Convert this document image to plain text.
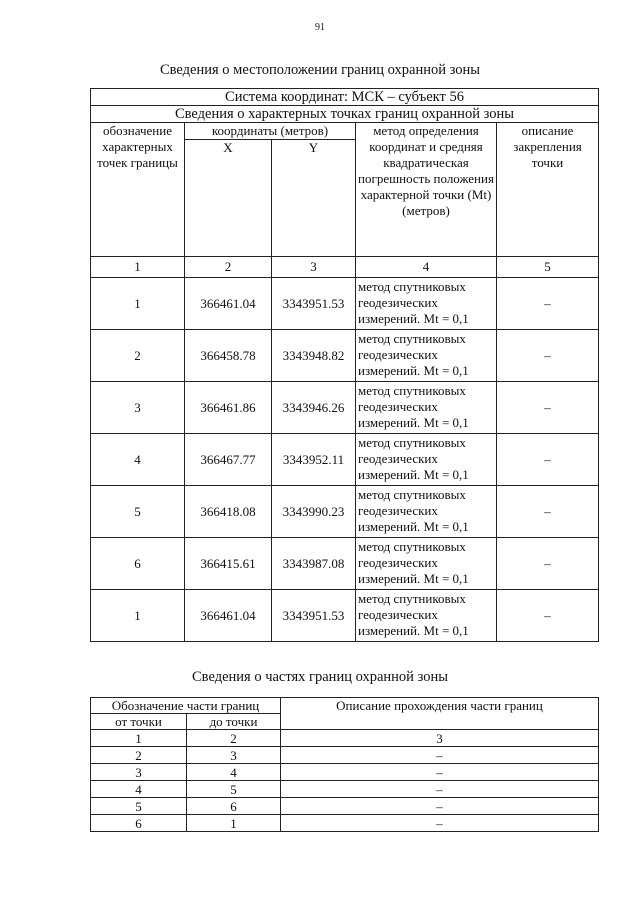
91
Сведения о местоположении границ охранной зоны
Система координат: МСК – субъект 56				
Сведения о характерных точках границ охранной зоны				
обозначение характерных точек границы	координаты (метров)		метод определения координат и средняя квадратическая погрешность положения характерной точки (Mt) (метров)	описание закрепления точки
	X	Y		
1	2	3	4	5
1	366461.04	3343951.53	метод спутниковых геодезических измерений. Mt = 0,1	–
2	366458.78	3343948.82	метод спутниковых геодезических измерений. Mt = 0,1	–
3	366461.86	3343946.26	метод спутниковых геодезических измерений. Mt = 0,1	–
4	366467.77	3343952.11	метод спутниковых геодезических измерений. Mt = 0,1	–
5	366418.08	3343990.23	метод спутниковых геодезических измерений. Mt = 0,1	–
6	366415.61	3343987.08	метод спутниковых геодезических измерений. Mt = 0,1	–
1	366461.04	3343951.53	метод спутниковых геодезических измерений. Mt = 0,1	–
Сведения о частях границ охранной зоны
Обозначение части границ		Описание прохождения части границ
от точки	до точки	
1	2	3
2	3	–
3	4	–
4	5	–
5	6	–
6	1	–
